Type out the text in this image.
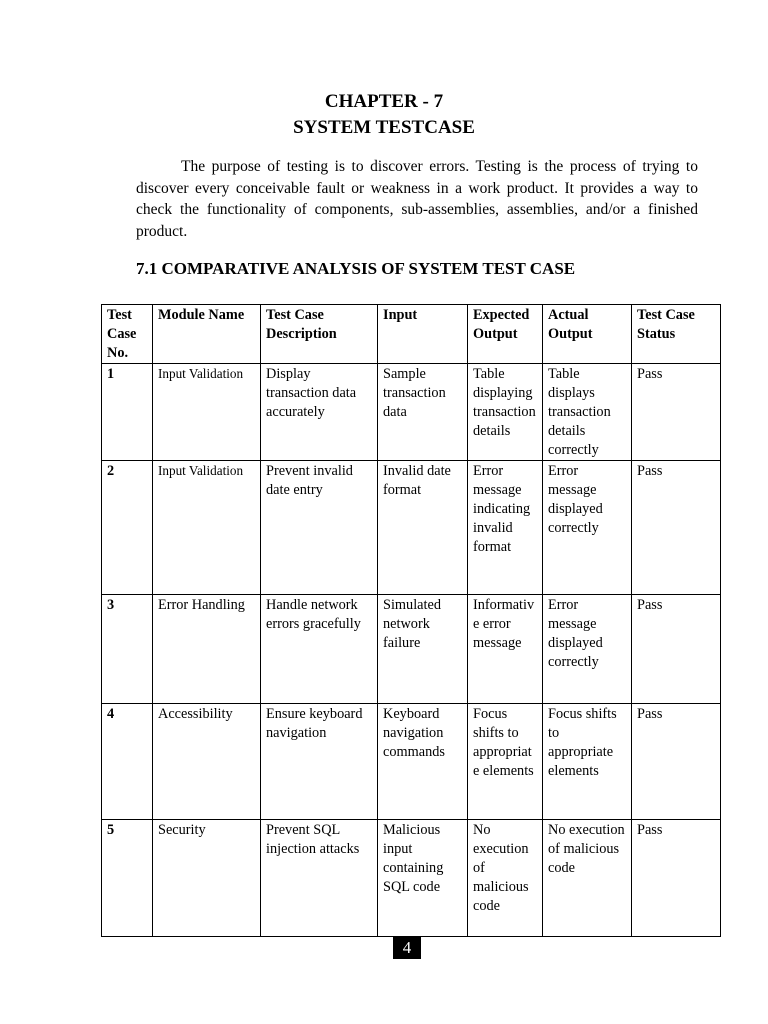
CHAPTER - 7
SYSTEM TESTCASE

The purpose of testing is to discover errors. Testing is the process of trying to discover every conceivable fault or weakness in a work product. It provides a way to check the functionality of components, sub-assemblies, assemblies, and/or a finished product.

7.1 COMPARATIVE ANALYSIS OF SYSTEM TEST CASE
Test Case No.	Module Name	Test Case Description	Input	Expected Output	Actual Output	Test Case Status
1	Input Validation	Display transaction data accurately	Sample transaction data	Table displaying transaction details	Table displays transaction details correctly	Pass
2	Input Validation	Prevent invalid date entry	Invalid date format	Error message indicating invalid format	Error message displayed correctly	Pass
3	Error Handling	Handle network errors gracefully	Simulated network failure	Informative error message	Error message displayed correctly	Pass
4	Accessibility	Ensure keyboard navigation	Keyboard navigation commands	Focus shifts to appropriate elements	Focus shifts to appropriate elements	Pass
5	Security	Prevent SQL injection attacks	Malicious input containing SQL code	No execution of malicious code	No execution of malicious code	Pass
4
